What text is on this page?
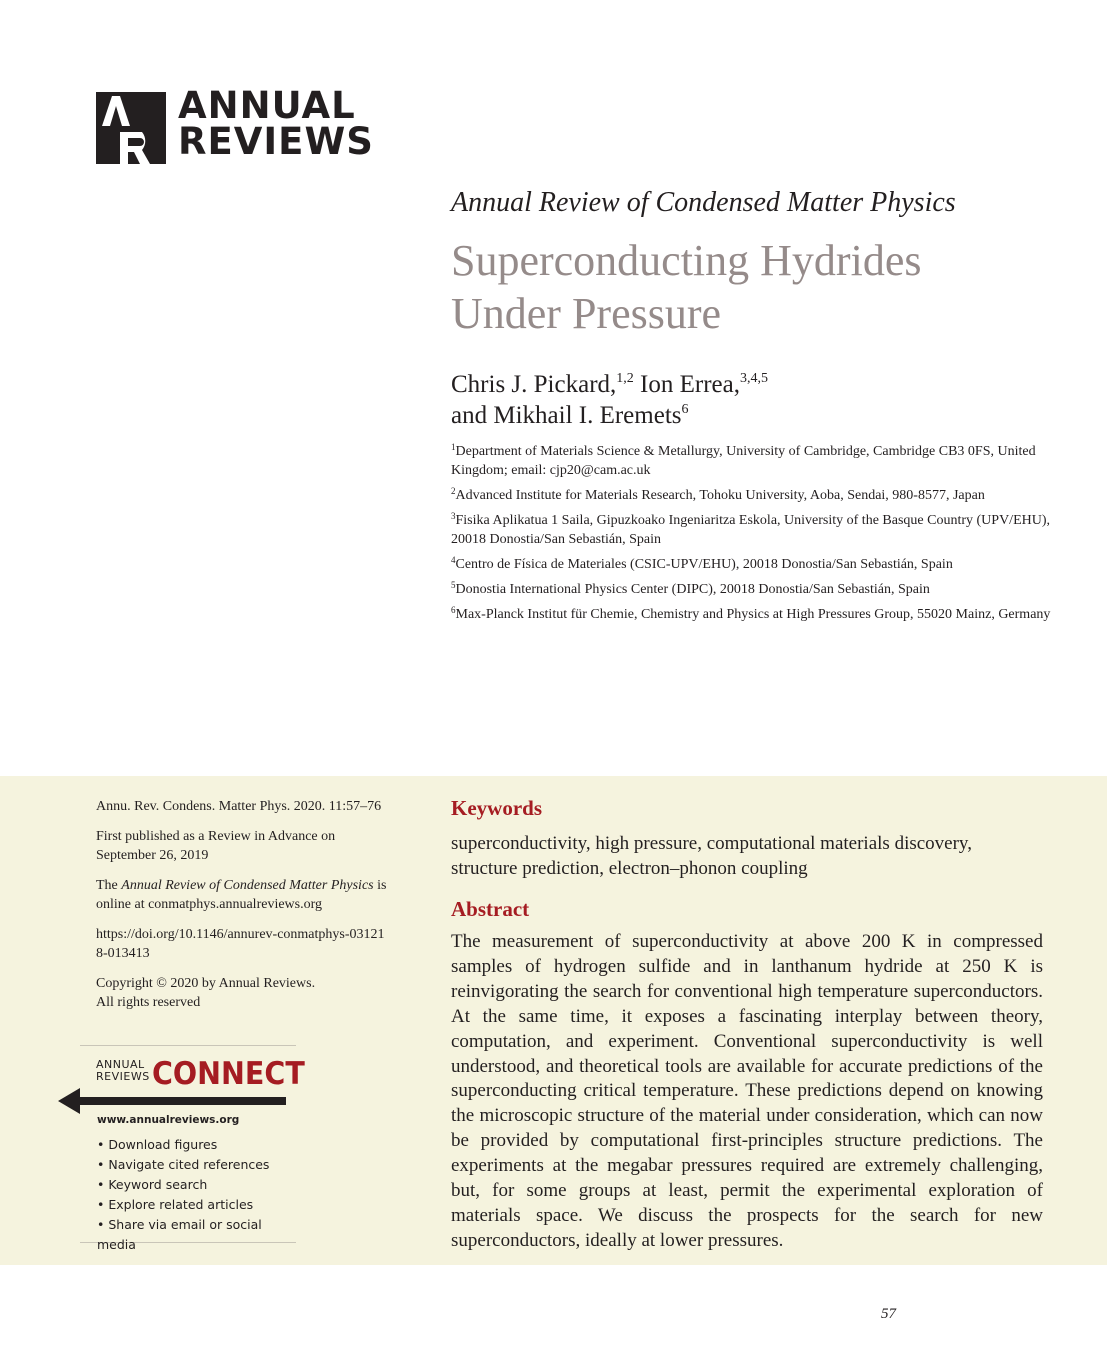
ANNUAL
REVIEWS
Annual Review of Condensed Matter Physics
Superconducting Hydrides
Under Pressure
Chris J. Pickard,$^{1,2}$ Ion Errea,$^{3,4,5}$
and Mikhail I. Eremets$^6$
$^1$Department of Materials Science & Metallurgy, University of Cambridge, Cambridge CB3 0FS, United Kingdom; email: cjp20@cam.ac.uk
$^2$Advanced Institute for Materials Research, Tohoku University, Aoba, Sendai, 980-8577, Japan
$^3$Fisika Aplikatua 1 Saila, Gipuzkoako Ingeniaritza Eskola, University of the Basque Country (UPV/EHU), 20018 Donostia/San Sebastián, Spain
$^4$Centro de Física de Materiales (CSIC-UPV/EHU), 20018 Donostia/San Sebastián, Spain
$^5$Donostia International Physics Center (DIPC), 20018 Donostia/San Sebastián, Spain
$^6$Max-Planck Institut für Chemie, Chemistry and Physics at High Pressures Group, 55020 Mainz, Germany

Annu. Rev. Condens. Matter Phys. 2020. 11:57–76

First published as a Review in Advance on September 26, 2019

The Annual Review of Condensed Matter Physics is online at conmatphys.annualreviews.org

https://doi.org/10.1146/annurev-conmatphys-031218-013413

Copyright © 2020 by Annual Reviews.
All rights reserved

ANNUAL
REVIEWS CONNECT
www.annualreviews.org
• Download figures
• Navigate cited references
• Keyword search
• Explore related articles
• Share via email or social media
Keywords
superconductivity, high pressure, computational materials discovery, structure prediction, electron–phonon coupling
Abstract

The measurement of superconductivity at above 200 K in compressed samples of hydrogen sulfide and in lanthanum hydride at 250 K is reinvigorating the search for conventional high temperature superconductors. At the same time, it exposes a fascinating interplay between theory, computation, and experiment. Conventional superconductivity is well understood, and theoretical tools are available for accurate predictions of the superconducting critical temperature. These predictions depend on knowing the microscopic structure of the material under consideration, which can now be provided by computational first-principles structure predictions. The experiments at the megabar pressures required are extremely challenging, but, for some groups at least, permit the experimental exploration of materials space. We discuss the prospects for the search for new superconductors, ideally at lower pressures.

57
